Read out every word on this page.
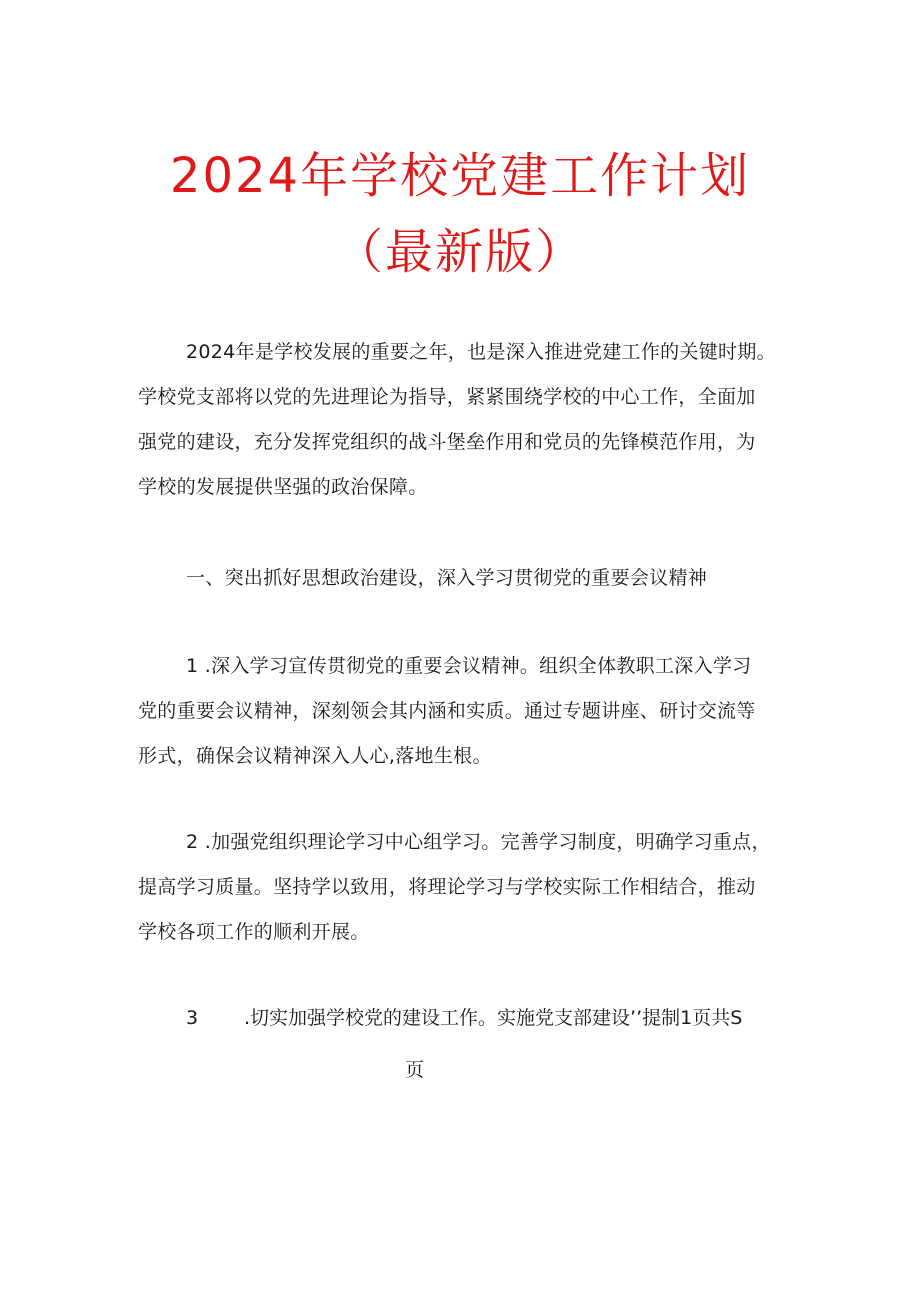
2024年学校党建工作计划
（最新版）
2024年是学校发展的重要之年，也是深入推进党建工作的关键时期。
学校党支部将以党的先进理论为指导，紧紧围绕学校的中心工作，全面加
强党的建设，充分发挥党组织的战斗堡垒作用和党员的先锋模范作用，为
学校的发展提供坚强的政治保障。
一、突出抓好思想政治建设，深入学习贯彻党的重要会议精神
1 .深入学习宣传贯彻党的重要会议精神。组织全体教职工深入学习
党的重要会议精神，深刻领会其内涵和实质。通过专题讲座、研讨交流等
形式，确保会议精神深入人心,落地生根。
2 .加强党组织理论学习中心组学习。完善学习制度，明确学习重点，
提高学习质量。坚持学以致用，将理论学习与学校实际工作相结合，推动
学校各项工作的顺利开展。
3 .切实加强学校党的建设工作。实施党支部建设’’提制1页共S
页
